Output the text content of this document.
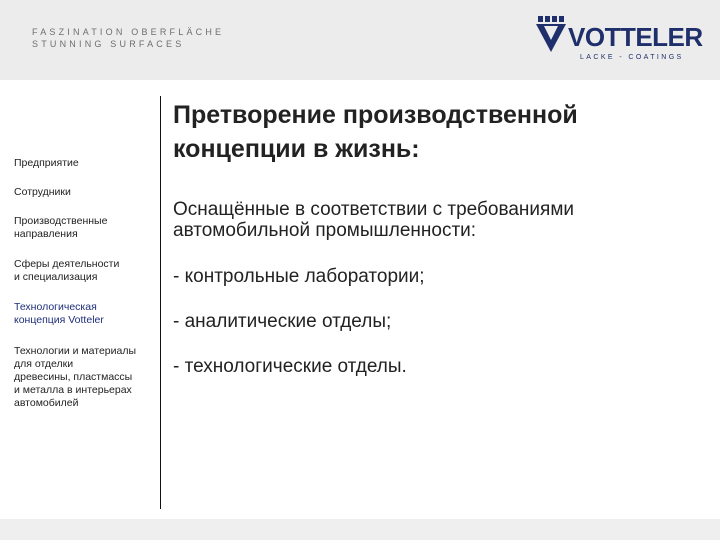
FASZINATION OBERFLÄCHE
STUNNING SURFACES	VOTTELER
LACKE - COATINGS
Предприятие
Сотрудники
Производственные
направления
Сферы деятельности
и специализация
Технологическая
концепция Votteler
Технологии и материалы
для отделки
древесины, пластмассы
и металла в интерьерах
автомобилей
Претворение производственной
концепции в жизнь:
Оснащённые в соответствии с требованиями
автомобильной промышленности:
- контрольные лаборатории;
- аналитические отделы;
- технологические отделы.
